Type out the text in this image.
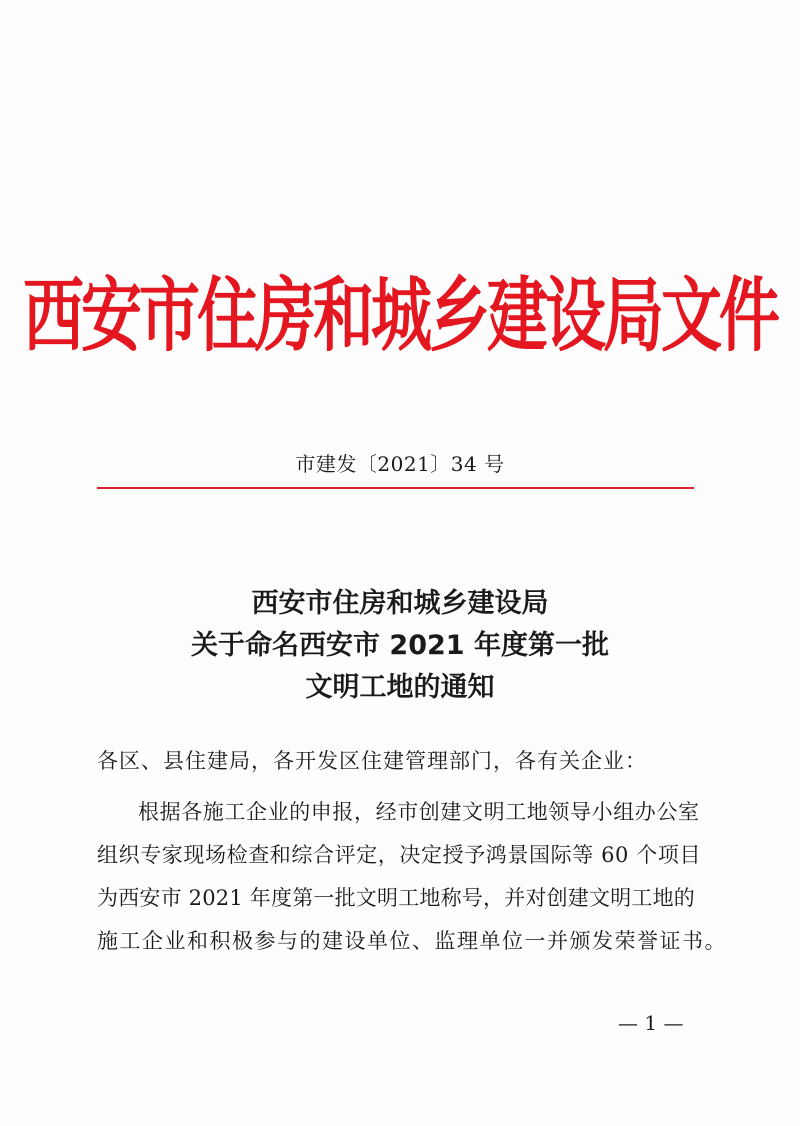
西安市住房和城乡建设局文件
市建发〔2021〕34 号
西安市住房和城乡建设局
关于命名西安市 2021 年度第一批
文明工地的通知
各区、县住建局，各开发区住建管理部门，各有关企业：
根据各施工企业的申报，经市创建文明工地领导小组办公室
组织专家现场检查和综合评定，决定授予鸿景国际等 60 个项目
为西安市 2021 年度第一批文明工地称号，并对创建文明工地的
施工企业和积极参与的建设单位、监理单位一并颁发荣誉证书。
— 1 —
